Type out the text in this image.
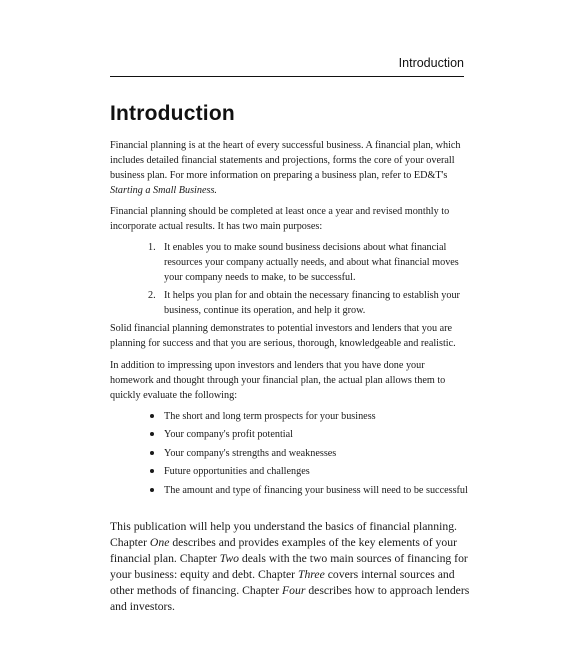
Introduction
Introduction

Financial planning is at the heart of every successful business. A financial plan, which includes detailed financial statements and projections, forms the core of your overall business plan. For more information on preparing a business plan, refer to ED&T's Starting a Small Business.

Financial planning should be completed at least once a year and revised monthly to incorporate actual results. It has two main purposes:

1. It enables you to make sound business decisions about what financial resources your company actually needs, and about what financial moves your company needs to make, to be successful.
2. It helps you plan for and obtain the necessary financing to establish your business, continue its operation, and help it grow.

Solid financial planning demonstrates to potential investors and lenders that you are planning for success and that you are serious, thorough, knowledgeable and realistic.

In addition to impressing upon investors and lenders that you have done your homework and thought through your financial plan, the actual plan allows them to quickly evaluate the following:

The short and long term prospects for your business
Your company's profit potential
Your company's strengths and weaknesses
Future opportunities and challenges
The amount and type of financing your business will need to be successful

This publication will help you understand the basics of financial planning. Chapter One describes and provides examples of the key elements of your financial plan. Chapter Two deals with the two main sources of financing for your business: equity and debt. Chapter Three covers internal sources and other methods of financing. Chapter Four describes how to approach lenders and investors.
